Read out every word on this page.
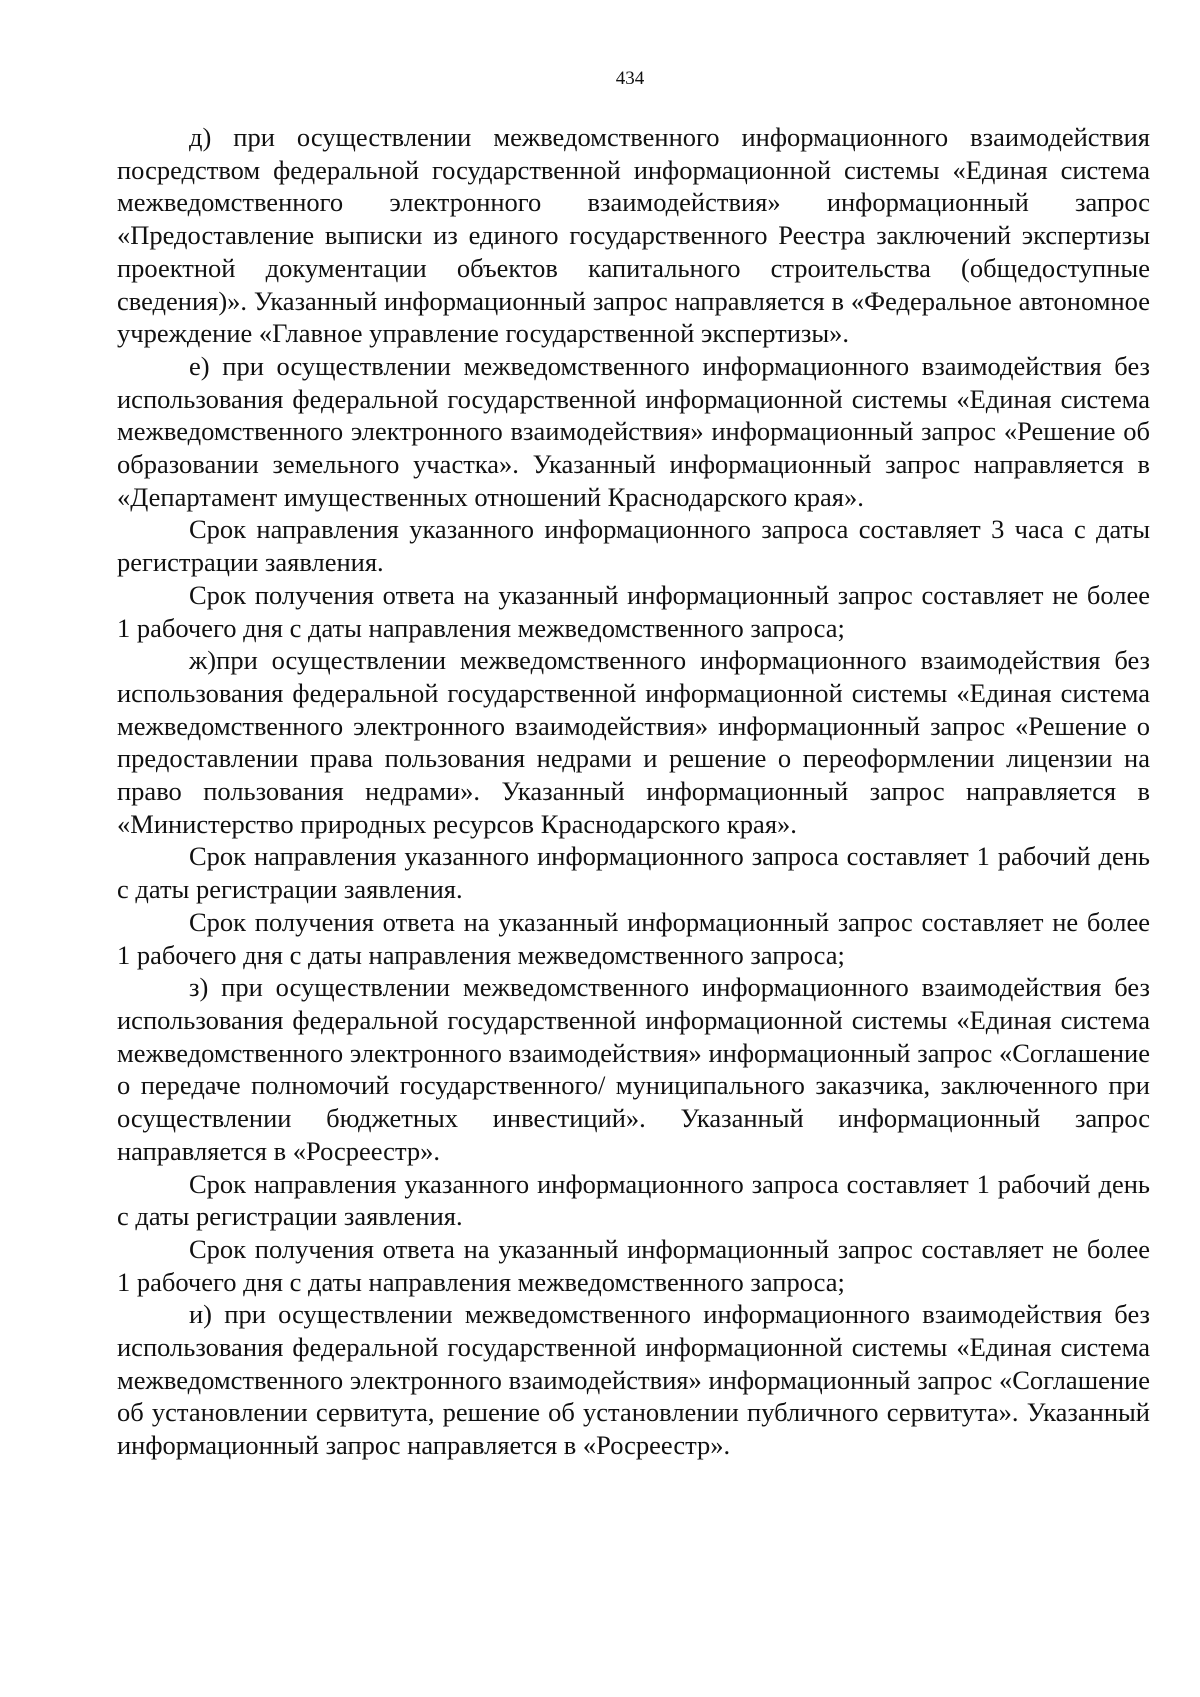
434

д) при осуществлении межведомственного информационного взаимодействия посредством федеральной государственной информационной системы «Единая система межведомственного электронного взаимодействия» информационный запрос «Предоставление выписки из единого государственного Реестра заключений экспертизы проектной документации объектов капитального строительства (общедоступные сведения)». Указанный информационный запрос направляется в «Федеральное автономное учреждение «Главное управление государственной экспертизы».

е) при осуществлении межведомственного информационного взаимодействия без использования федеральной государственной информационной системы «Единая система межведомственного электронного взаимодействия» информационный запрос «Решение об образовании земельного участка». Указанный информационный запрос направляется в «Департамент имущественных отношений Краснодарского края».

Срок направления указанного информационного запроса составляет 3 часа с даты регистрации заявления.

Срок получения ответа на указанный информационный запрос составляет не более 1 рабочего дня с даты направления межведомственного запроса;

ж)при осуществлении межведомственного информационного взаимодействия без использования федеральной государственной информационной системы «Единая система межведомственного электронного взаимодействия» информационный запрос «Решение о предоставлении права пользования недрами и решение о переоформлении лицензии на право пользования недрами». Указанный информационный запрос направляется в «Министерство природных ресурсов Краснодарского края».

Срок направления указанного информационного запроса составляет 1 рабочий день с даты регистрации заявления.

Срок получения ответа на указанный информационный запрос составляет не более 1 рабочего дня с даты направления межведомственного запроса;

з) при осуществлении межведомственного информационного взаимодействия без использования федеральной государственной информационной системы «Единая система межведомственного электронного взаимодействия» информационный запрос «Соглашение о передаче полномочий государственного/ муниципального заказчика, заключенного при осуществлении бюджетных инвестиций». Указанный информационный запрос направляется в «Росреестр».

Срок направления указанного информационного запроса составляет 1 рабочий день с даты регистрации заявления.

Срок получения ответа на указанный информационный запрос составляет не более 1 рабочего дня с даты направления межведомственного запроса;

и) при осуществлении межведомственного информационного взаимодействия без использования федеральной государственной информационной системы «Единая система межведомственного электронного взаимодействия» информационный запрос «Соглашение об установлении сервитута, решение об установлении публичного сервитута». Указанный информационный запрос направляется в «Росреестр».
